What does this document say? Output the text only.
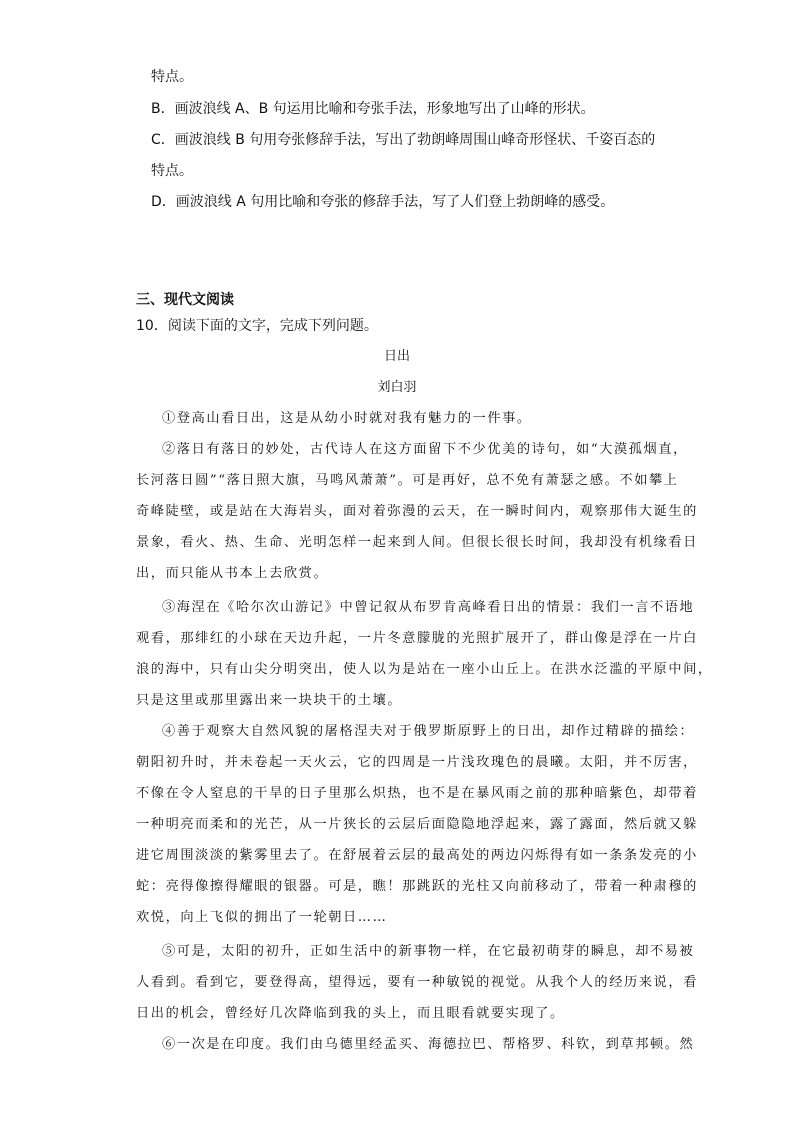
特点。

B．画波浪线 A、B 句运用比喻和夸张手法，形象地写出了山峰的形状。

C．画波浪线 B 句用夸张修辞手法，写出了勃朗峰周围山峰奇形怪状、千姿百态的

特点。

D．画波浪线 A 句用比喻和夸张的修辞手法，写了人们登上勃朗峰的感受。

三、现代文阅读

10．阅读下面的文字，完成下列问题。

日出

刘白羽

①登高山看日出，这是从幼小时就对我有魅力的一件事。

②落日有落日的妙处，古代诗人在这方面留下不少优美的诗句，如“大漠孤烟直，

长河落日圆”“落日照大旗，马鸣风萧萧”。可是再好，总不免有萧瑟之感。不如攀上

奇峰陡壁，或是站在大海岩头，面对着弥漫的云天，在一瞬时间内，观察那伟大诞生的

景象，看火、热、生命、光明怎样一起来到人间。但很长很长时间，我却没有机缘看日

出，而只能从书本上去欣赏。

③海涅在《哈尔次山游记》中曾记叙从布罗肯高峰看日出的情景：我们一言不语地

观看，那绯红的小球在天边升起，一片冬意朦胧的光照扩展开了，群山像是浮在一片白

浪的海中，只有山尖分明突出，使人以为是站在一座小山丘上。在洪水泛滥的平原中间，

只是这里或那里露出来一块块干的土壤。

④善于观察大自然风貌的屠格涅夫对于俄罗斯原野上的日出，却作过精辟的描绘：

朝阳初升时，并未卷起一天火云，它的四周是一片浅玫瑰色的晨曦。太阳，并不厉害，

不像在令人窒息的干旱的日子里那么炽热，也不是在暴风雨之前的那种暗紫色，却带着

一种明亮而柔和的光芒，从一片狭长的云层后面隐隐地浮起来，露了露面，然后就又躲

进它周围淡淡的紫雾里去了。在舒展着云层的最高处的两边闪烁得有如一条条发亮的小

蛇：亮得像擦得耀眼的银器。可是，瞧！那跳跃的光柱又向前移动了，带着一种肃穆的

欢悦，向上飞似的拥出了一轮朝日……

⑤可是，太阳的初升，正如生活中的新事物一样，在它最初萌芽的瞬息，却不易被

人看到。看到它，要登得高，望得远，要有一种敏锐的视觉。从我个人的经历来说，看

日出的机会，曾经好几次降临到我的头上，而且眼看就要实现了。

⑥一次是在印度。我们由乌德里经孟买、海德拉巴、帮格罗、科钦，到草邦顿。然
